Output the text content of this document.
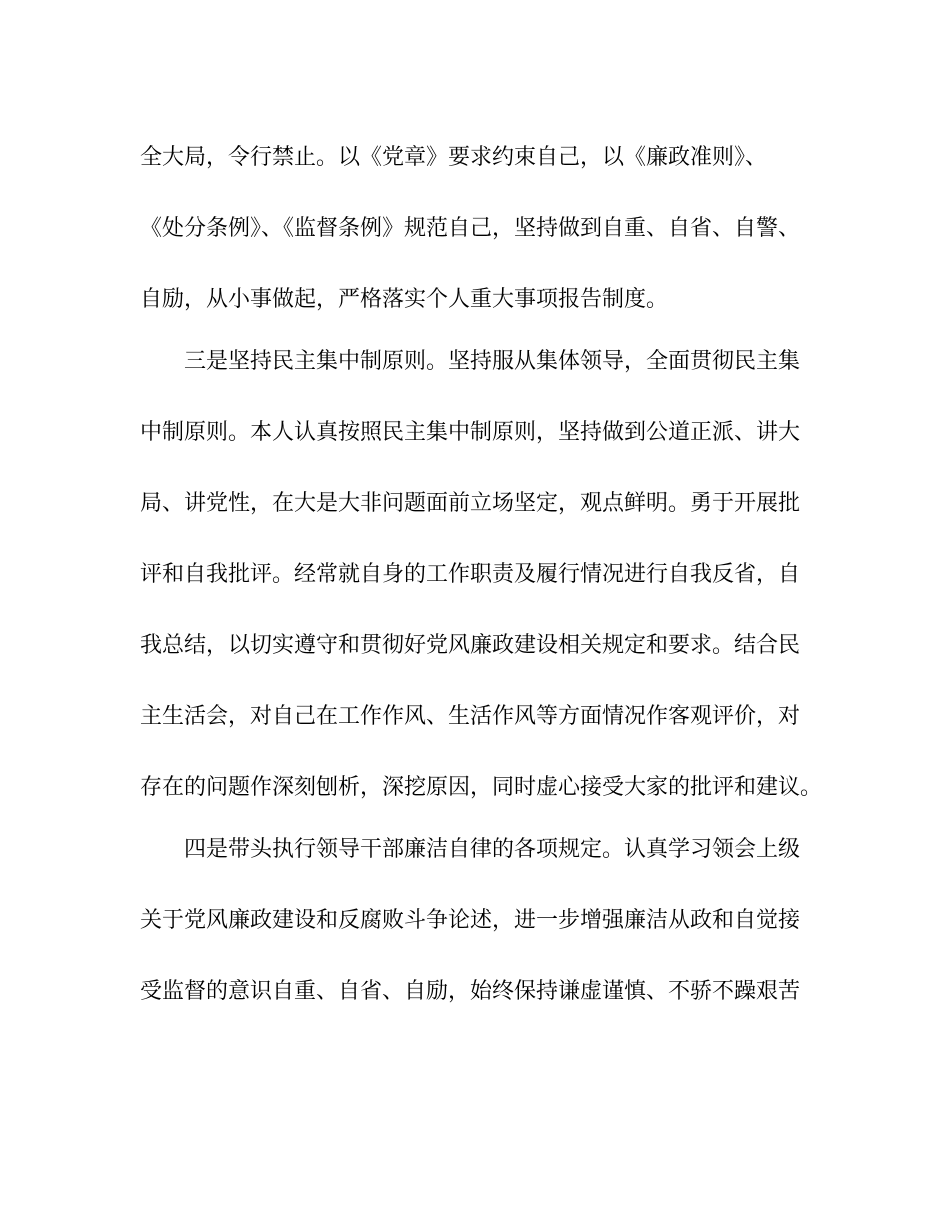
全大局，令行禁止。以《党章》要求约束自己，以《廉政准则》、
《处分条例》、《监督条例》规范自己，坚持做到自重、自省、自警、
自励，从小事做起，严格落实个人重大事项报告制度。
三是坚持民主集中制原则。坚持服从集体领导，全面贯彻民主集
中制原则。本人认真按照民主集中制原则，坚持做到公道正派、讲大
局、讲党性，在大是大非问题面前立场坚定，观点鲜明。勇于开展批
评和自我批评。经常就自身的工作职责及履行情况进行自我反省，自
我总结，以切实遵守和贯彻好党风廉政建设相关规定和要求。结合民
主生活会，对自己在工作作风、生活作风等方面情况作客观评价，对
存在的问题作深刻刨析，深挖原因，同时虚心接受大家的批评和建议。
四是带头执行领导干部廉洁自律的各项规定。认真学习领会上级
关于党风廉政建设和反腐败斗争论述，进一步增强廉洁从政和自觉接
受监督的意识自重、自省、自励，始终保持谦虚谨慎、不骄不躁艰苦
